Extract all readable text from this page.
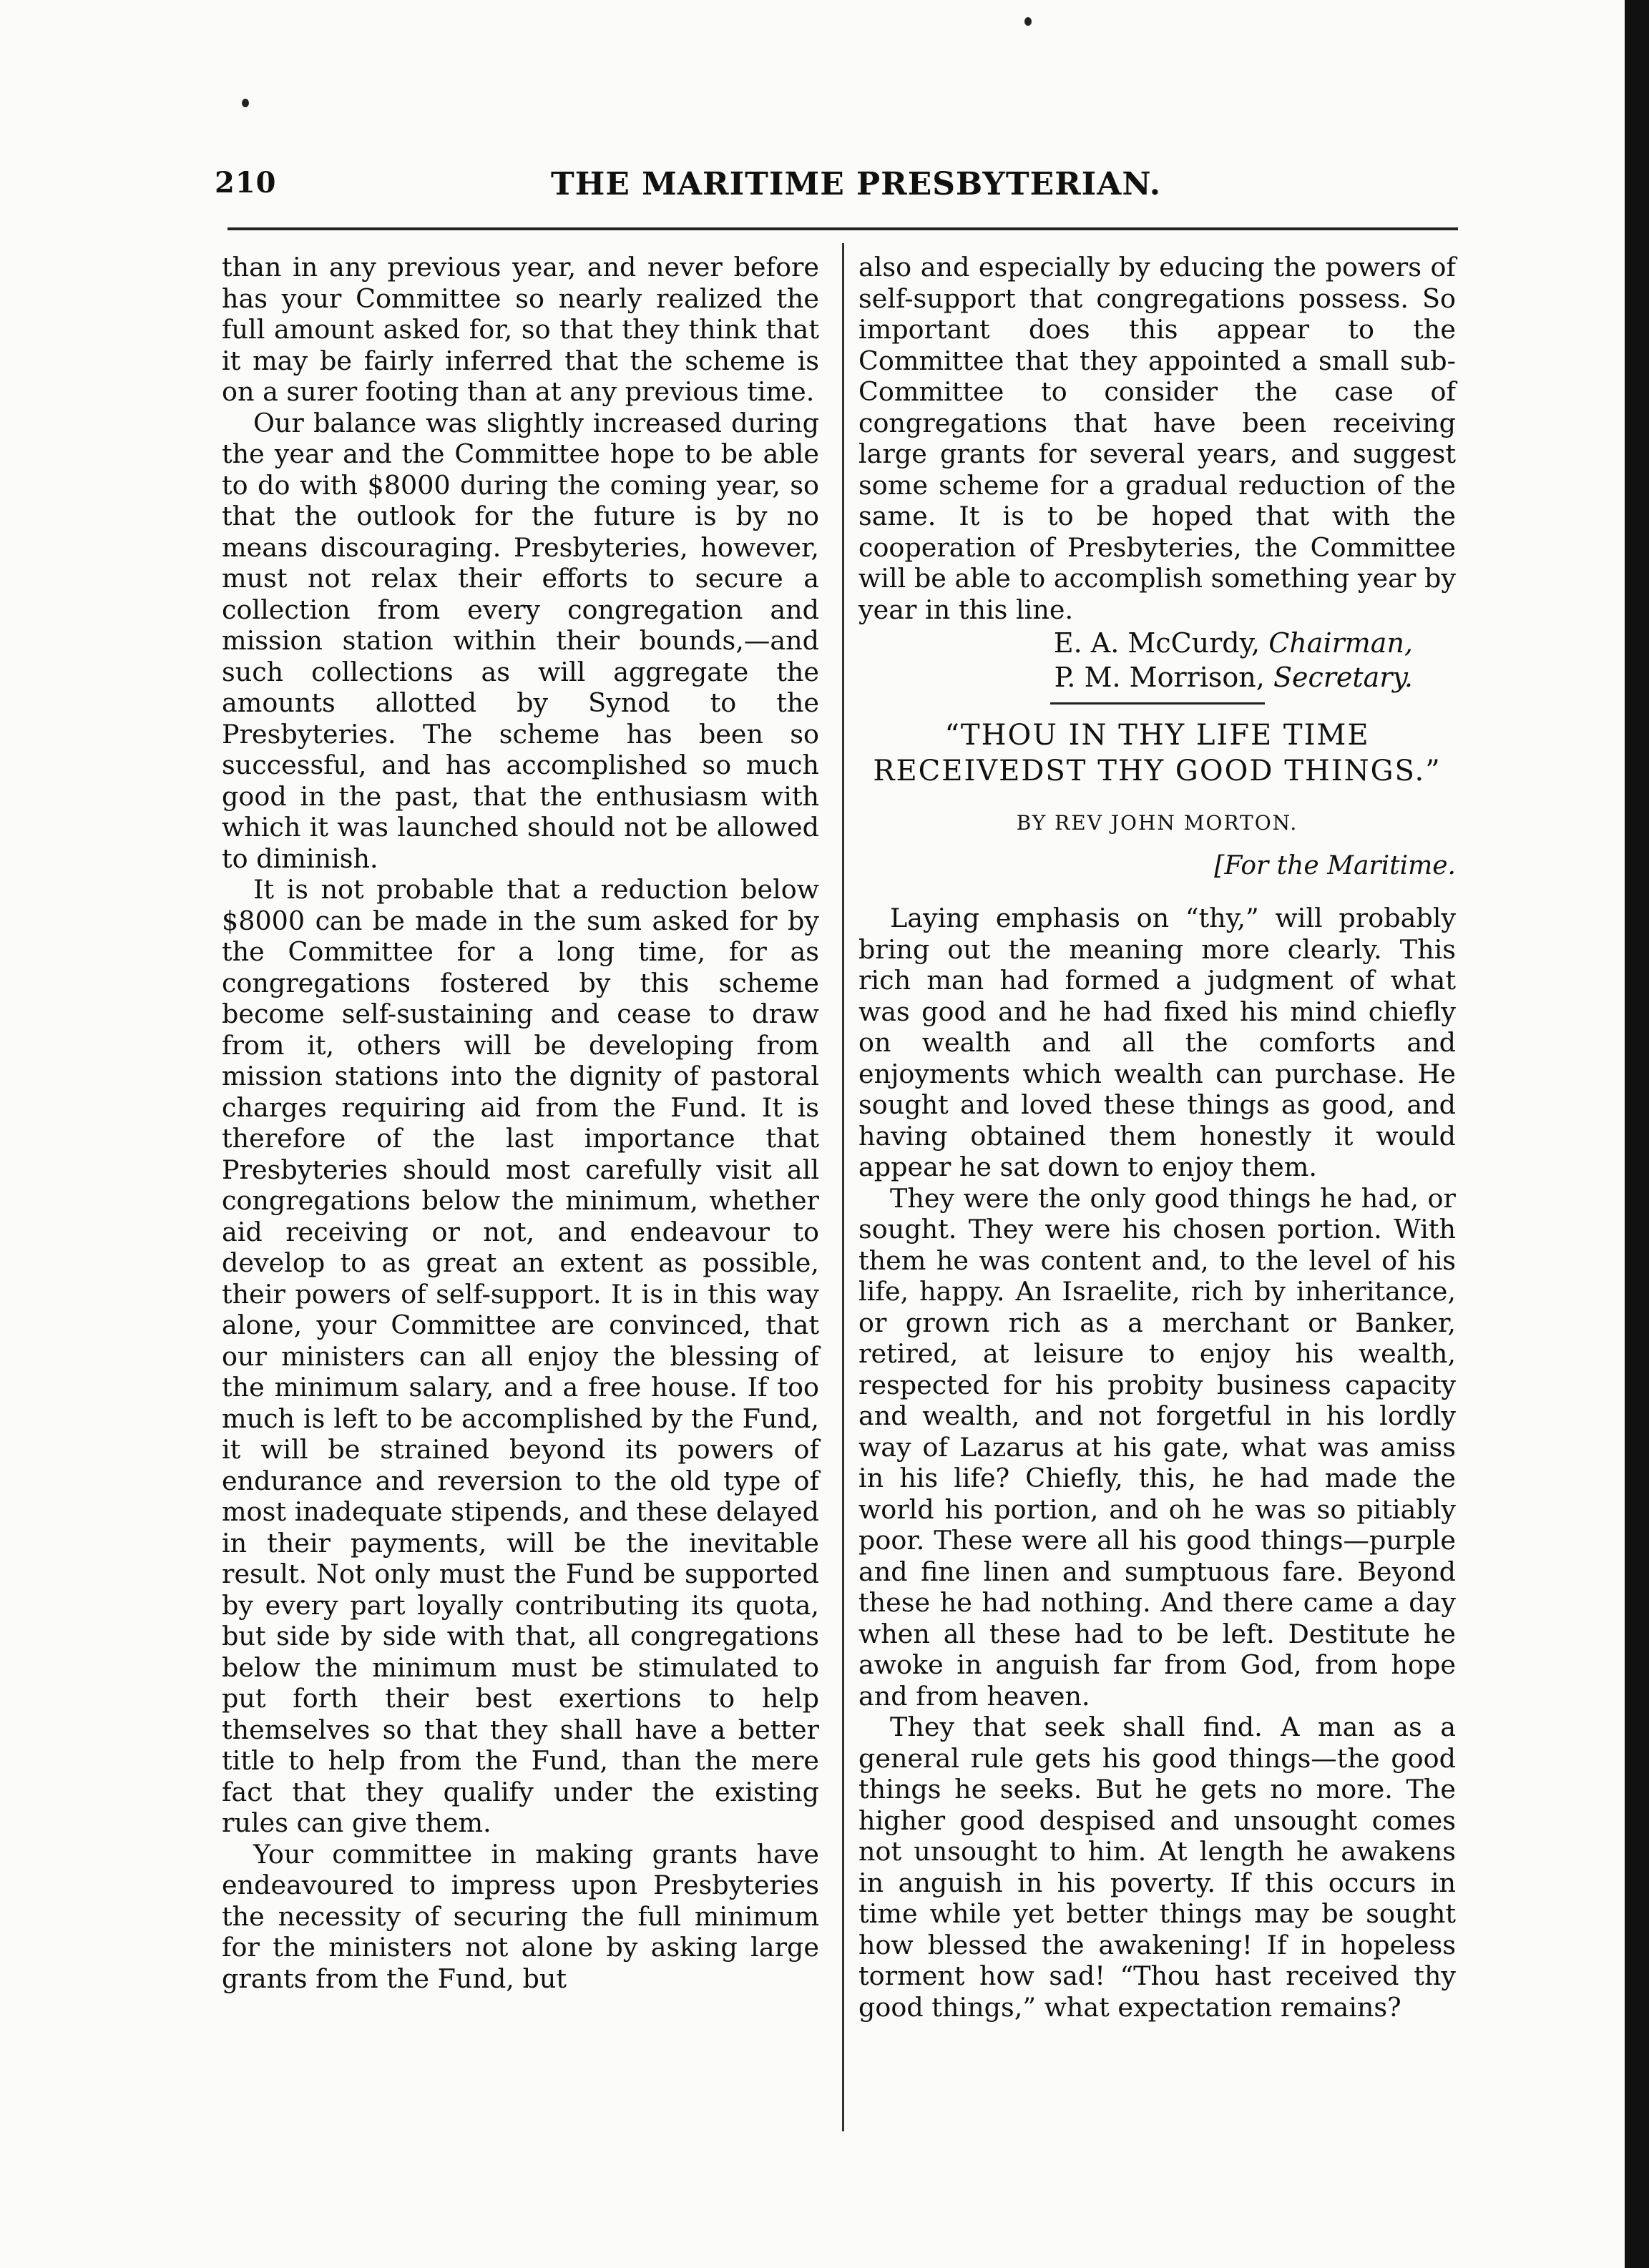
210	THE MARITIME PRESBYTERIAN.

than in any previous year, and never before has your Committee so nearly realized the full amount asked for, so that they think that it may be fairly inferred that the scheme is on a surer footing than at any previous time.

Our balance was slightly increased during the year and the Committee hope to be able to do with $8000 during the coming year, so that the outlook for the future is by no means discouraging. Presbyteries, however, must not relax their efforts to secure a collection from every congregation and mission station within their bounds,—and such collections as will aggregate the amounts allotted by Synod to the Presbyteries. The scheme has been so successful, and has accomplished so much good in the past, that the enthusiasm with which it was launched should not be allowed to diminish.

It is not probable that a reduction below $8000 can be made in the sum asked for by the Committee for a long time, for as congregations fostered by this scheme become self-sustaining and cease to draw from it, others will be developing from mission stations into the dignity of pastoral charges requiring aid from the Fund. It is therefore of the last importance that Presbyteries should most carefully visit all congregations below the minimum, whether aid receiving or not, and endeavour to develop to as great an extent as possible, their powers of self-support. It is in this way alone, your Committee are convinced, that our ministers can all enjoy the blessing of the minimum salary, and a free house. If too much is left to be accomplished by the Fund, it will be strained beyond its powers of endurance and reversion to the old type of most inadequate stipends, and these delayed in their payments, will be the inevitable result. Not only must the Fund be supported by every part loyally contributing its quota, but side by side with that, all congregations below the minimum must be stimulated to put forth their best exertions to help themselves so that they shall have a better title to help from the Fund, than the mere fact that they qualify under the existing rules can give them.

Your committee in making grants have endeavoured to impress upon Presbyteries the necessity of securing the full minimum for the ministers not alone by asking large grants from the Fund, but

also and especially by educing the powers of self-support that congregations possess. So important does this appear to the Committee that they appointed a small sub-Committee to consider the case of congregations that have been receiving large grants for several years, and suggest some scheme for a gradual reduction of the same. It is to be hoped that with the cooperation of Presbyteries, the Committee will be able to accomplish something year by year in this line.

E. A. McCurdy, Chairman,
P. M. Morrison, Secretary.
“THOU IN THY LIFE TIME RECEIVEDST THY GOOD THINGS.”
BY REV JOHN MORTON.
[For the Maritime.

Laying emphasis on “thy,” will probably bring out the meaning more clearly. This rich man had formed a judgment of what was good and he had fixed his mind chiefly on wealth and all the comforts and enjoyments which wealth can purchase. He sought and loved these things as good, and having obtained them honestly it would appear he sat down to enjoy them.

They were the only good things he had, or sought. They were his chosen portion. With them he was content and, to the level of his life, happy. An Israelite, rich by inheritance, or grown rich as a merchant or Banker, retired, at leisure to enjoy his wealth, respected for his probity business capacity and wealth, and not forgetful in his lordly way of Lazarus at his gate, what was amiss in his life? Chiefly, this, he had made the world his portion, and oh he was so pitiably poor. These were all his good things—purple and fine linen and sumptuous fare. Beyond these he had nothing. And there came a day when all these had to be left. Destitute he awoke in anguish far from God, from hope and from heaven.

They that seek shall find. A man as a general rule gets his good things—the good things he seeks. But he gets no more. The higher good despised and unsought comes not unsought to him. At length he awakens in anguish in his poverty. If this occurs in time while yet better things may be sought how blessed the awakening! If in hopeless torment how sad! “Thou hast received thy good things,” what expectation remains?
